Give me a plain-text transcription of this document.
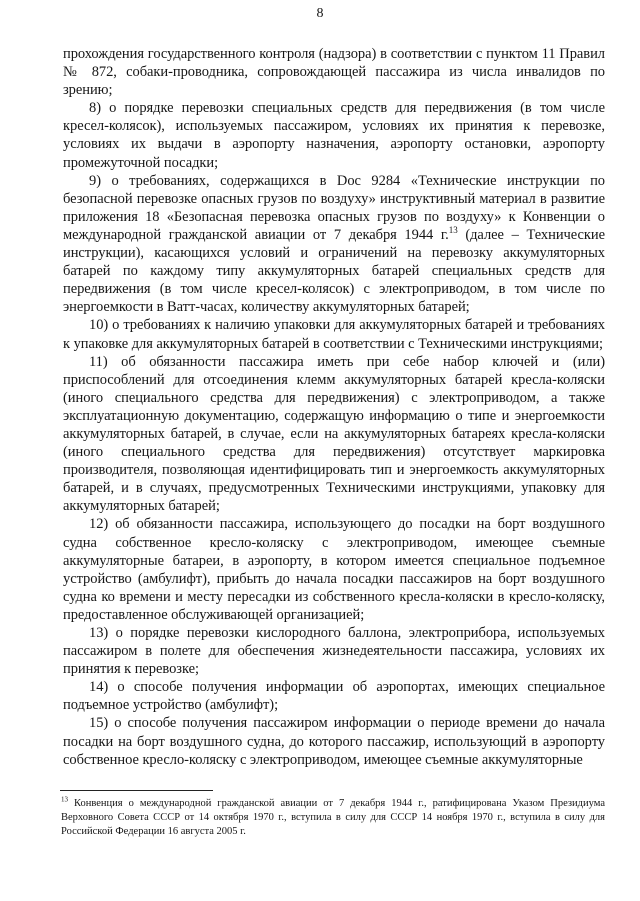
8

прохождения государственного контроля (надзора) в соответствии с пунктом 11 Правил № 872, собаки-проводника, сопровождающей пассажира из числа инвалидов по зрению;

8) о порядке перевозки специальных средств для передвижения (в том числе кресел-колясок), используемых пассажиром, условиях их принятия к перевозке, условиях их выдачи в аэропорту назначения, аэропорту остановки, аэропорту промежуточной посадки;

9) о требованиях, содержащихся в Doc 9284 «Технические инструкции по безопасной перевозке опасных грузов по воздуху» инструктивный материал в развитие приложения 18 «Безопасная перевозка опасных грузов по воздуху» к Конвенции о международной гражданской авиации от 7 декабря 1944 г.$^{13}$ (далее – Технические инструкции), касающихся условий и ограничений на перевозку аккумуляторных батарей по каждому типу аккумуляторных батарей специальных средств для передвижения (в том числе кресел-колясок) с электроприводом, в том числе по энергоемкости в Ватт-часах, количеству аккумуляторных батарей;

10) о требованиях к наличию упаковки для аккумуляторных батарей и требованиях к упаковке для аккумуляторных батарей в соответствии с Техническими инструкциями;

11) об обязанности пассажира иметь при себе набор ключей и (или) приспособлений для отсоединения клемм аккумуляторных батарей кресла-коляски (иного специального средства для передвижения) с электроприводом, а также эксплуатационную документацию, содержащую информацию о типе и энергоемкости аккумуляторных батарей, в случае, если на аккумуляторных батареях кресла-коляски (иного специального средства для передвижения) отсутствует маркировка производителя, позволяющая идентифицировать тип и энергоемкость аккумуляторных батарей, и в случаях, предусмотренных Техническими инструкциями, упаковку для аккумуляторных батарей;

12) об обязанности пассажира, использующего до посадки на борт воздушного судна собственное кресло-коляску с электроприводом, имеющее съемные аккумуляторные батареи, в аэропорту, в котором имеется специальное подъемное устройство (амбулифт), прибыть до начала посадки пассажиров на борт воздушного судна ко времени и месту пересадки из собственного кресла-коляски в кресло-коляску, предоставленное обслуживающей организацией;

13) о порядке перевозки кислородного баллона, электроприбора, используемых пассажиром в полете для обеспечения жизнедеятельности пассажира, условиях их принятия к перевозке;

14) о способе получения информации об аэропортах, имеющих специальное подъемное устройство (амбулифт);

15) о способе получения пассажиром информации о периоде времени до начала посадки на борт воздушного судна, до которого пассажир, использующий в аэропорту собственное кресло-коляску с электроприводом, имеющее съемные аккумуляторные

$^{13}$ Конвенция о международной гражданской авиации от 7 декабря 1944 г., ратифицирована Указом Президиума Верховного Совета СССР от 14 октября 1970 г., вступила в силу для СССР 14 ноября 1970 г., вступила в силу для Российской Федерации 16 августа 2005 г.
